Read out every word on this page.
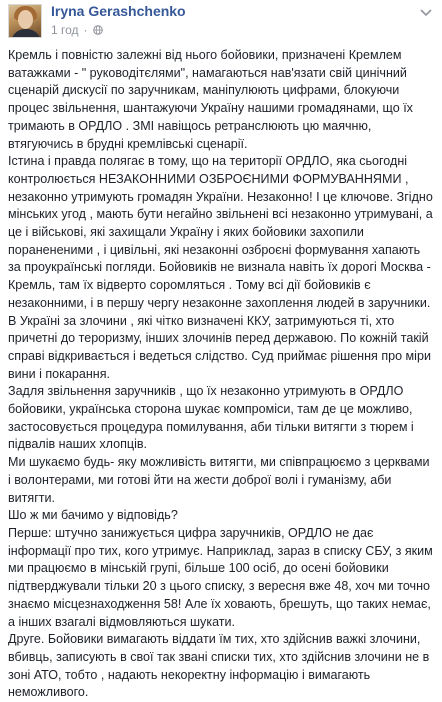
Iryna Gerashchenko
1 год ·

Кремль і повністю залежні від нього бойовики, призначені Кремлем ватажками - " руководітєлями", намагаються нав'язати свій цинічний сценарій дискусії по заручникам, маніпулюють цифрами, блокуючи процес звільнення, шантажуючи Україну нашими громадянами, що їх тримають в ОРДЛО . ЗМІ навіщось ретранслюють цю маячню, втягуючись в брудні кремлівські сценарії.

Істина і правда полягає в тому, що на території ОРДЛО, яка сьогодні контролюється НЕЗАКОННИМИ ОЗБРОЄНИМИ ФОРМУВАННЯМИ , незаконно утримують громадян України. Незаконно! І це ключове. Згідно мінських угод , мають бути негайно звільнені всі незаконно утримувані, а це і військові, які захищали Україну і яких бойовики захопили поранененими , і цивільні, які незаконні озброєні формування хапають за проукраїнські погляди. Бойовиків не визнала навіть їх дорогі Москва - Кремль, там їх відверто соромляться . Тому всі дії бойовиків є незаконними, і в першу чергу незаконне захоплення людей в заручники. В Україні за злочини , які чітко визначені ККУ, затримуються ті, хто причетні до тероризму, інших злочинів перед державою. По кожній такій справі відкривається і ведеться слідство. Суд приймає рішення про міри вини і покарання.

Задля звільнення заручників , що їх незаконно утримують в ОРДЛО бойовики, українська сторона шукає компроміси, там де це можливо, застосовується процедура помилування, аби тільки витягти з тюрем і підвалів наших хлопців.

Ми шукаємо будь- яку можливість витягти, ми співпрацюємо з церквами і волонтерами, ми готові йти на жести доброї волі і гуманізму, аби витягти.

Шо ж ми бачимо у відповідь?

Перше: штучно занижується цифра заручників, ОРДЛО не дає інформації про тих, кого утримує. Наприклад, зараз в списку СБУ, з яким ми працюємо в мінській групі, більше 100 осіб, до осені бойовики підтверджували тільки 20 з цього списку, з вересня вже 48, хоч ми точно знаємо місцезнаходження 58! Але їх ховають, брешуть, що таких немає, а інших взагалі відмовляються шукати.

Друге. Бойовики вимагають віддати їм тих, хто здійснив важкі злочини, вбивць, записують в свої так звані списки тих, хто здійснив злочини не в зоні АТО, тобто , надають некоректну інформацію і вимагають неможливого.
